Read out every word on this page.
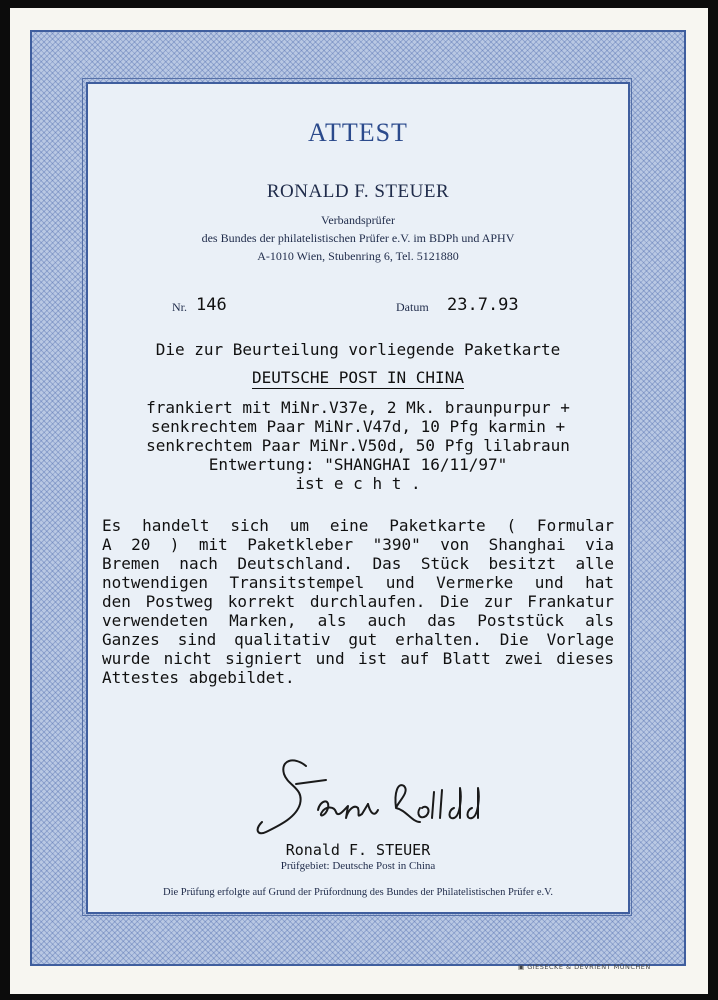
ATTEST
RONALD F. STEUER
Verbandsprüfer
des Bundes der philatelistischen Prüfer e.V. im BDPh und APHV
A-1010 Wien, Stubenring 6, Tel. 5121880
Nr. 146	Datum 23.7.93
Die zur Beurteilung vorliegende Paketkarte
DEUTSCHE POST IN CHINA
frankiert mit MiNr.V37e, 2 Mk. braunpurpur +
senkrechtem Paar MiNr.V47d, 10 Pfg karmin +
senkrechtem Paar MiNr.V50d, 50 Pfg lilabraun
Entwertung: "SHANGHAI 16/11/97"
ist e c h t .
Es handelt sich um eine Paketkarte ( Formular
A 20 ) mit Paketkleber "390" von Shanghai via
Bremen nach Deutschland. Das Stück besitzt alle
notwendigen Transitstempel und Vermerke und hat
den Postweg korrekt durchlaufen. Die zur Frankatur
verwendeten Marken, als auch das Poststück als
Ganzes sind qualitativ gut erhalten. Die Vorlage
wurde nicht signiert und ist auf Blatt zwei dieses
Attestes abgebildet.
Ronald F. STEUER
Prüfgebiet: Deutsche Post in China
Die Prüfung erfolgte auf Grund der Prüfordnung des Bundes der Philatelistischen Prüfer e.V.
▣ GIESECKE & DEVRIENT MÜNCHEN
